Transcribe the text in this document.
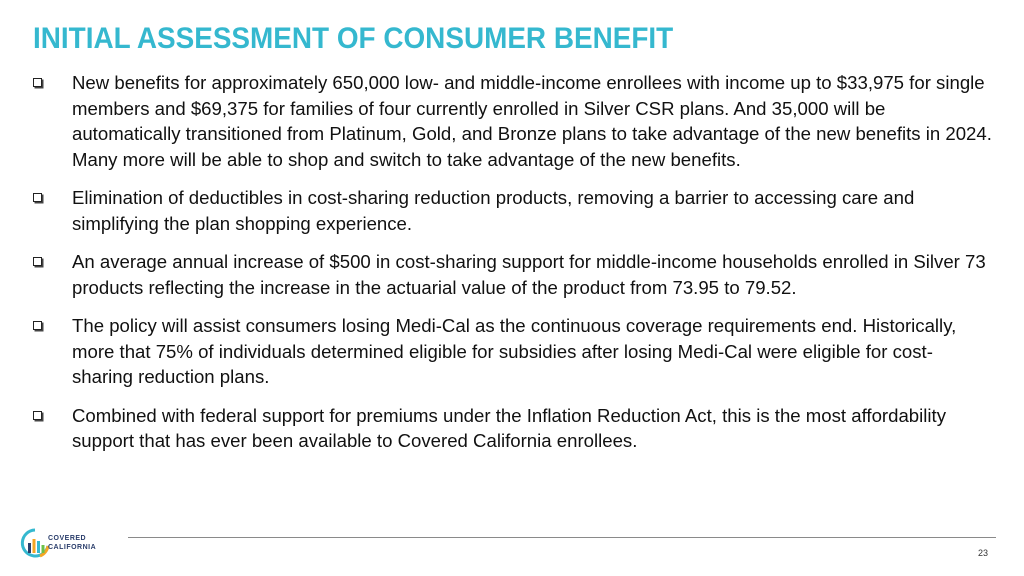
INITIAL ASSESSMENT OF CONSUMER BENEFIT
New benefits for approximately 650,000 low- and middle-income enrollees with income up to $33,975 for single members and $69,375 for families of four currently enrolled in Silver CSR plans. And 35,000 will be automatically transitioned from Platinum, Gold, and Bronze plans to take advantage of the new benefits in 2024. Many more will be able to shop and switch to take advantage of the new benefits.
Elimination of deductibles in cost-sharing reduction products, removing a barrier to accessing care and simplifying the plan shopping experience.
An average annual increase of $500 in cost-sharing support for middle-income households enrolled in Silver 73 products reflecting the increase in the actuarial value of the product from 73.95 to 79.52.
The policy will assist consumers losing Medi-Cal as the continuous coverage requirements end. Historically, more that 75% of individuals determined eligible for subsidies after losing Medi-Cal were eligible for cost-sharing reduction plans.
Combined with federal support for premiums under the Inflation Reduction Act, this is the most affordability support that has ever been available to Covered California enrollees.
COVERED
CALIFORNIA
23
